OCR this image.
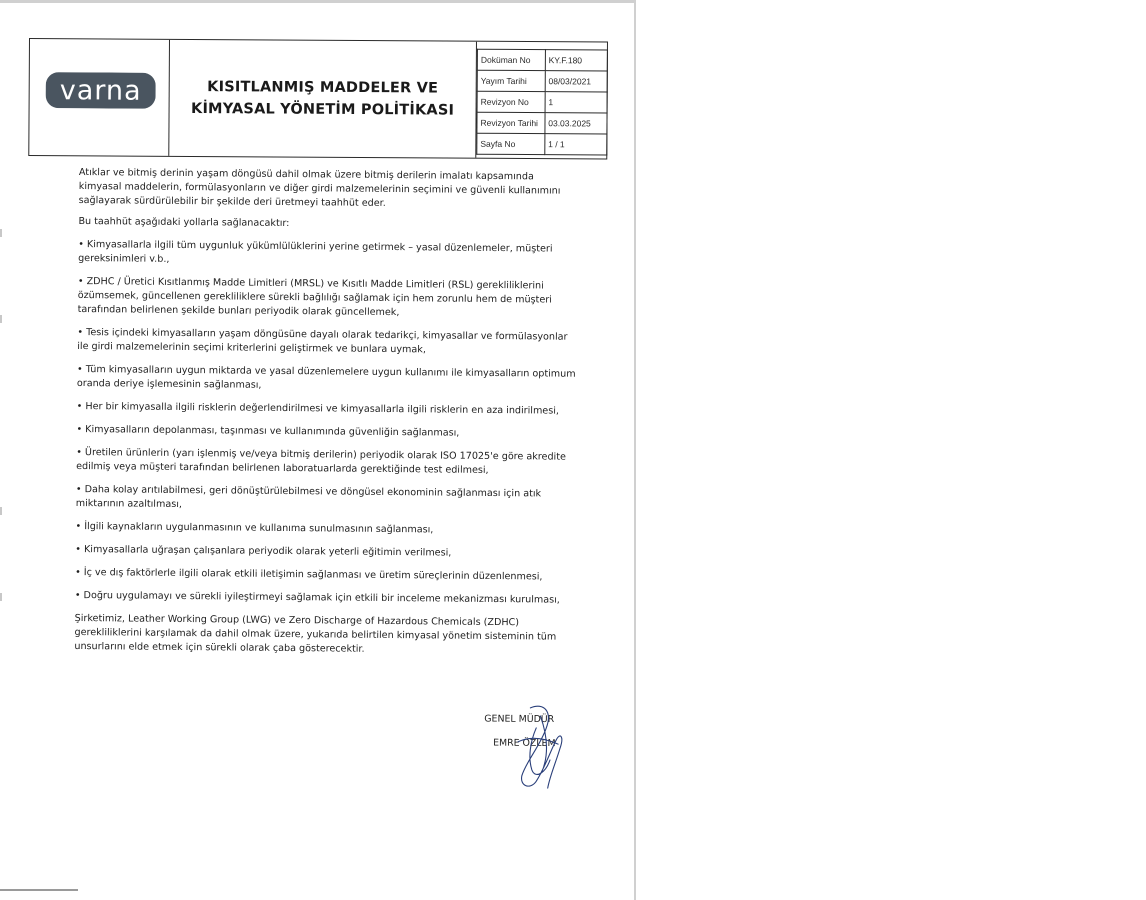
varna	KISITLANMIŞ MADDELER VE
KİMYASAL YÖNETİM POLİTİKASI
Doküman No	KY.F.180
Yayım Tarihi	08/03/2021
Revizyon No	1
Revizyon Tarihi	03.03.2025
Sayfa No	1 / 1

Atıklar ve bitmiş derinin yaşam döngüsü dahil olmak üzere bitmiş derilerin imalatı kapsamında kimyasal maddelerin, formülasyonların ve diğer girdi malzemelerinin seçimini ve güvenli kullanımını sağlayarak sürdürülebilir bir şekilde deri üretmeyi taahhüt eder.

Bu taahhüt aşağıdaki yollarla sağlanacaktır:

• Kimyasallarla ilgili tüm uygunluk yükümlülüklerini yerine getirmek – yasal düzenlemeler, müşteri gereksinimleri v.b.,

• ZDHC / Üretici Kısıtlanmış Madde Limitleri (MRSL) ve Kısıtlı Madde Limitleri (RSL) gerekliliklerini özümsemek, güncellenen gerekliliklere sürekli bağlılığı sağlamak için hem zorunlu hem de müşteri tarafından belirlenen şekilde bunları periyodik olarak güncellemek,

• Tesis içindeki kimyasalların yaşam döngüsüne dayalı olarak tedarikçi, kimyasallar ve formülasyonlar ile girdi malzemelerinin seçimi kriterlerini geliştirmek ve bunlara uymak,

• Tüm kimyasalların uygun miktarda ve yasal düzenlemelere uygun kullanımı ile kimyasalların optimum oranda deriye işlemesinin sağlanması,

• Her bir kimyasalla ilgili risklerin değerlendirilmesi ve kimyasallarla ilgili risklerin en aza indirilmesi,

• Kimyasalların depolanması, taşınması ve kullanımında güvenliğin sağlanması,

• Üretilen ürünlerin (yarı işlenmiş ve/veya bitmiş derilerin) periyodik olarak ISO 17025'e göre akredite edilmiş veya müşteri tarafından belirlenen laboratuarlarda gerektiğinde test edilmesi,

• Daha kolay arıtılabilmesi, geri dönüştürülebilmesi ve döngüsel ekonominin sağlanması için atık miktarının azaltılması,

• İlgili kaynakların uygulanmasının ve kullanıma sunulmasının sağlanması,

• Kimyasallarla uğraşan çalışanlara periyodik olarak yeterli eğitimin verilmesi,

• İç ve dış faktörlerle ilgili olarak etkili iletişimin sağlanması ve üretim süreçlerinin düzenlenmesi,

• Doğru uygulamayı ve sürekli iyileştirmeyi sağlamak için etkili bir inceleme mekanizması kurulması,

Şirketimiz, Leather Working Group (LWG) ve Zero Discharge of Hazardous Chemicals (ZDHC) gerekliliklerini karşılamak da dahil olmak üzere, yukarıda belirtilen kimyasal yönetim sisteminin tüm unsurlarını elde etmek için sürekli olarak çaba gösterecektir.

GENEL MÜDÜR
EMRE ÖZLEM
